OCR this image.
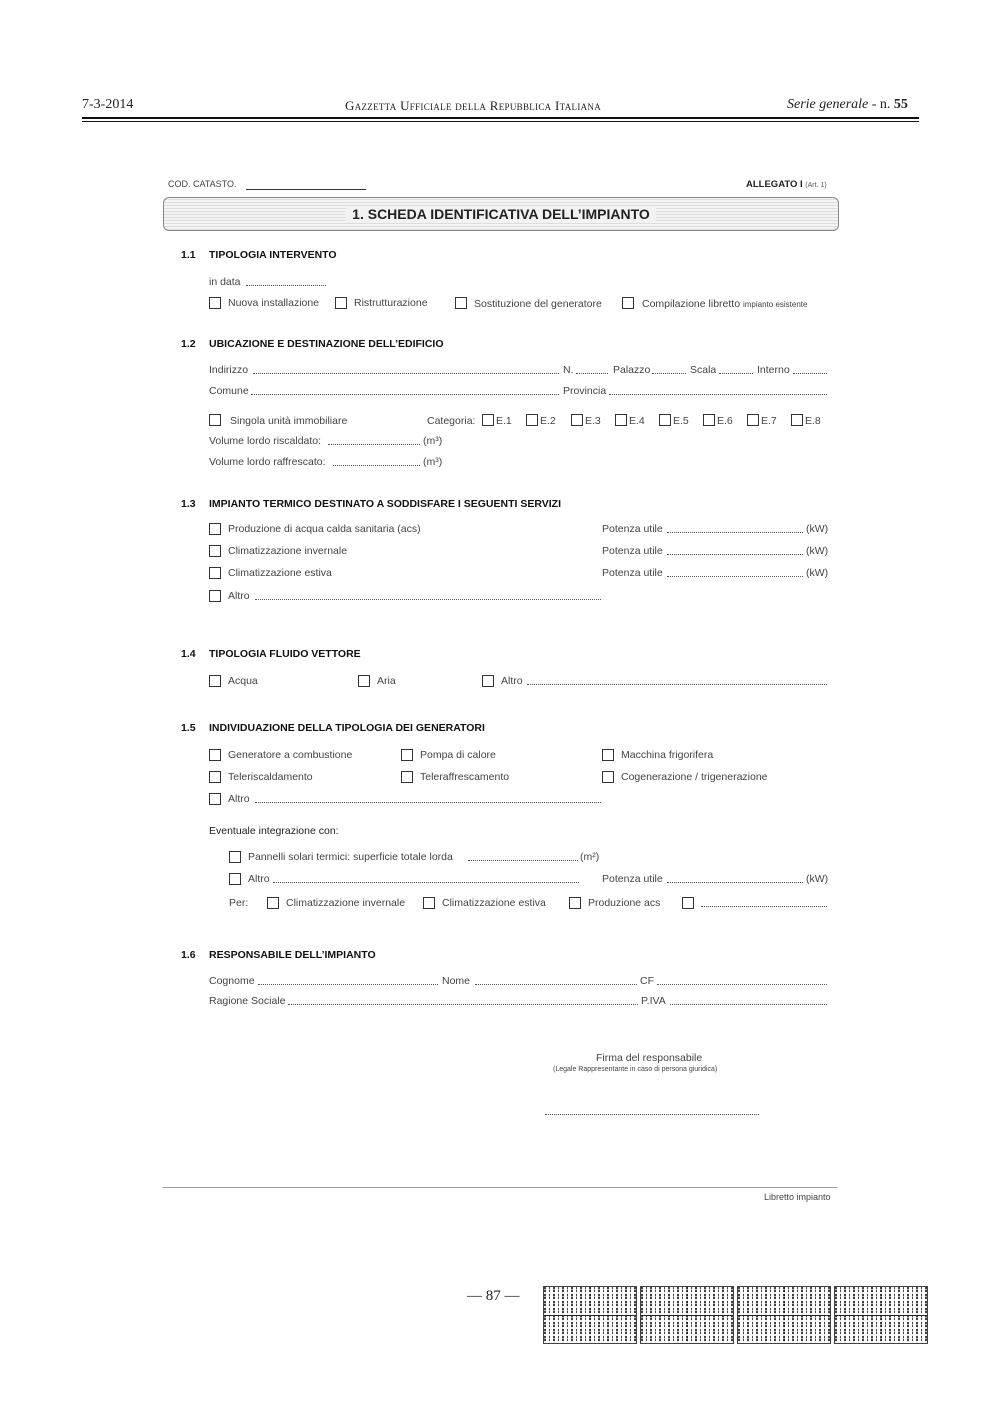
7-3-2014	Gazzetta Ufficiale della Repubblica Italiana	Serie generale - n. 55
COD. CATASTO.	ALLEGATO I (Art. 1)
1. SCHEDA IDENTIFICATIVA DELL’IMPIANTO
1.1 TIPOLOGIA INTERVENTO
in data
Nuova installazione	Ristrutturazione	Sostituzione del generatore	Compilazione libretto impianto esistente
1.2 UBICAZIONE E DESTINAZIONE DELL’EDIFICIO
Indirizzo	N.	Palazzo	Scala	Interno
Comune	Provincia
Singola unità immobiliare	Categoria: E.1	E.2	E.3	E.4	E.5	E.6	E.7	E.8
Volume lordo riscaldato:	(m³)
Volume lordo raffrescato:	(m³)
1.3 IMPIANTO TERMICO DESTINATO A SODDISFARE I SEGUENTI SERVIZI
Produzione di acqua calda sanitaria (acs)	Potenza utile	(kW)
Climatizzazione invernale	Potenza utile	(kW)
Climatizzazione estiva	Potenza utile	(kW)
Altro
1.4 TIPOLOGIA FLUIDO VETTORE
Acqua	Aria	Altro
1.5 INDIVIDUAZIONE DELLA TIPOLOGIA DEI GENERATORI
Generatore a combustione	Pompa di calore	Macchina frigorifera
Teleriscaldamento	Teleraffrescamento	Cogenerazione / trigenerazione
Altro
Eventuale integrazione con:
Pannelli solari termici: superficie totale lorda	(m²)
Altro	Potenza utile	(kW)
Per:	Climatizzazione invernale	Climatizzazione estiva	Produzione acs
1.6 RESPONSABILE DELL’IMPIANTO
Cognome	Nome	CF
Ragione Sociale	P.IVA
Firma del responsabile
(Legale Rappresentante in caso di persona giuridica)
Libretto impianto
— 87 —
